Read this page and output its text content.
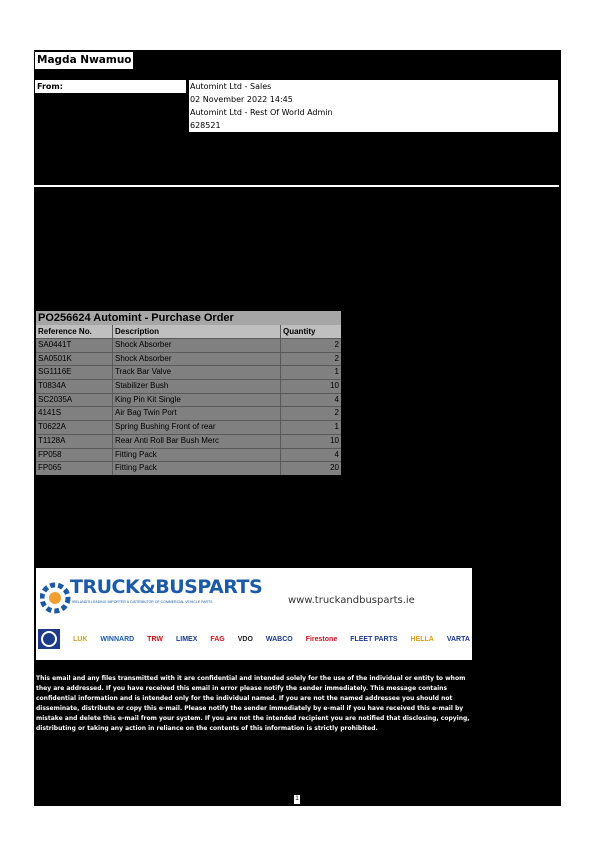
Magda Nwamuo
From:	Automint Ltd - Sales
02 November 2022 14:45
Automint Ltd - Rest Of World Admin
628521
PO256624 Automint - Purchase Order
Reference No.	Description	Quantity
SA0441T	Shock Absorber	2
SA0501K	Shock Absorber	2
SG1116E	Track Bar Valve	1
T0834A	Stabilizer Bush	10
SC2035A	King Pin Kit Single	4
4141S	Air Bag Twin Port	2
T0622A	Spring Bushing Front of rear	1
T1128A	Rear Anti Roll Bar Bush Merc	10
FP058	Fitting Pack	4
FP065	Fitting Pack	20
TRUCK&BUSPARTS
IRELAND'S LEADING IMPORTER & DISTRIBUTOR OF COMMERCIAL VEHICLE PARTS	www.truckandbusparts.ie
LUK WINNARD TRW LIMEX FAG VDO WABCO Firestone FLEET PARTS HELLA VARTA
This email and any files transmitted with it are confidential and intended solely for the use of the individual or entity to whom they are addressed. If you have received this email in error please notify the sender immediately. This message contains confidential information and is intended only for the individual named. If you are not the named addressee you should not disseminate, distribute or copy this e-mail. Please notify the sender immediately by e-mail if you have received this e-mail by mistake and delete this e-mail from your system. If you are not the intended recipient you are notified that disclosing, copying, distributing or taking any action in reliance on the contents of this information is strictly prohibited.
1
